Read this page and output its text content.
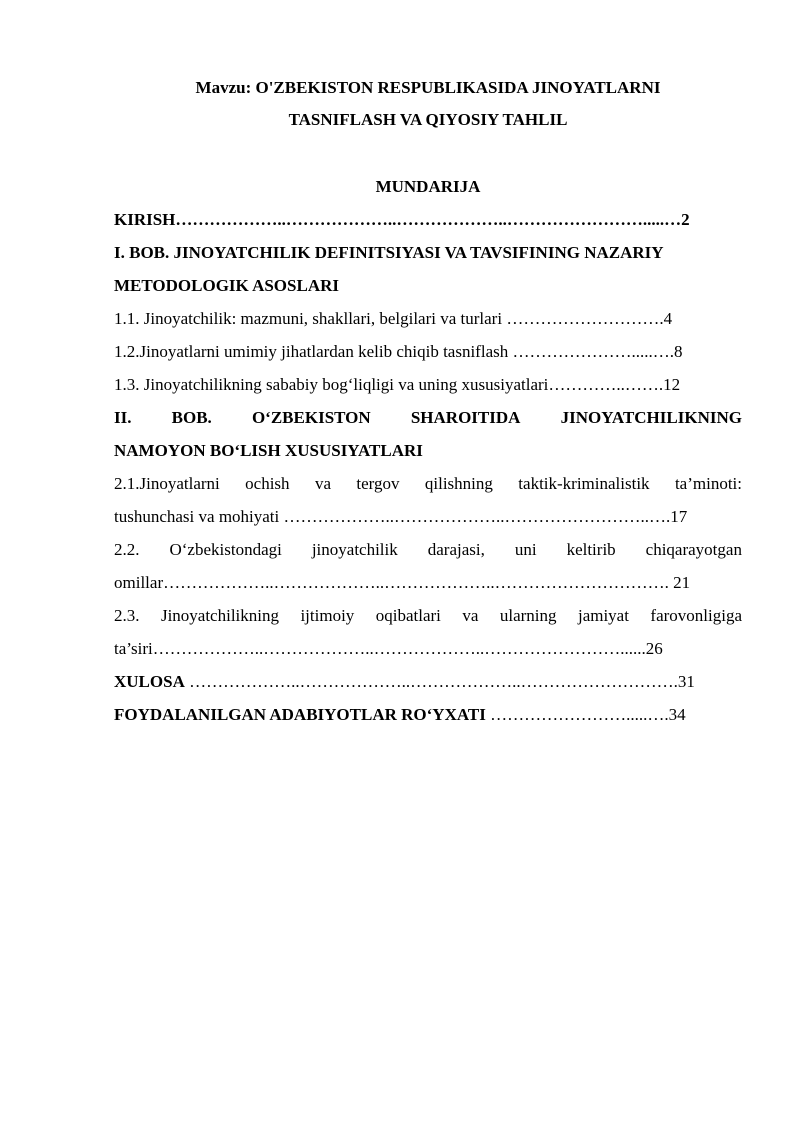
Mavzu: O'ZBEKISTON RESPUBLIKASIDA JINOYATLARNI
TASNIFLASH VA QIYOSIY TAHLIL
MUNDARIJA
KIRISH………………..………………..………………..…………………….....…2
I. BOB. JINOYATCHILIK DEFINITSIYASI VA TAVSIFINING NAZARIY
METODOLOGIK ASOSLARI
1.1. Jinoyatchilik: mazmuni, shakllari, belgilari va turlari ……………………….4
1.2.Jinoyatlarni umimiy jihatlardan kelib chiqib tasniflash ………………….....….8
1.3. Jinoyatchilikning sababiy bog‘liqligi va uning xususiyatlari…………..…….12
II. BOB. O‘ZBEKISTON SHAROITIDA JINOYATCHILIKNING
NAMOYON BO‘LISH XUSUSIYATLARI
2.1.Jinoyatlarni ochish va tergov qilishning taktik-kriminalistik ta’minoti:
tushunchasi va mohiyati ………………..………………..……………………..….17
2.2. O‘zbekistondagi jinoyatchilik darajasi, uni keltirib chiqarayotgan
omillar………………..………………..………………..…………………………. 21
2.3. Jinoyatchilikning ijtimoiy oqibatlari va ularning jamiyat farovonligiga
ta’siri………………..………………..………………..……………………......26
XULOSA ………………..………………..………………..……………………….31
FOYDALANILGAN ADABIYOTLAR RO‘YXATI …………………….....….34
